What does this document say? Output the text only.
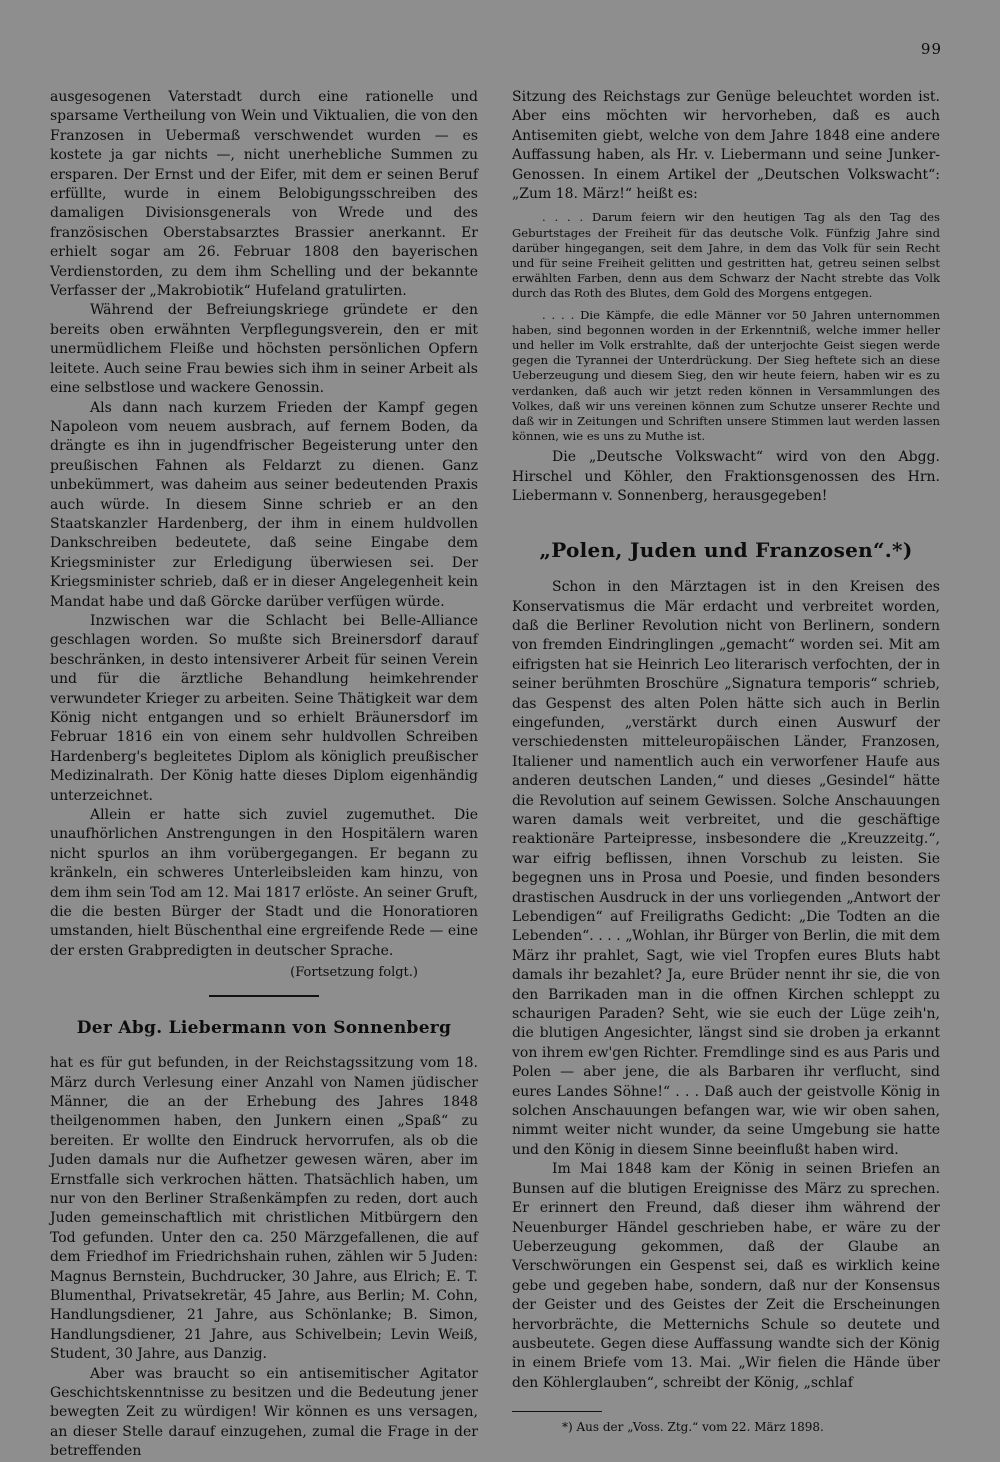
99

ausgesogenen Vaterstadt durch eine rationelle und sparsame Vertheilung von Wein und Viktualien, die von den Franzosen in Uebermaß verschwendet wurden — es kostete ja gar nichts —, nicht unerhebliche Summen zu ersparen. Der Ernst und der Eifer, mit dem er seinen Beruf erfüllte, wurde in einem Belobigungsschreiben des damaligen Divisionsgenerals von Wrede und des französischen Oberstabsarztes Brassier anerkannt. Er erhielt sogar am 26. Februar 1808 den bayerischen Verdienstorden, zu dem ihm Schelling und der bekannte Verfasser der „Makrobiotik“ Hufeland gratulirten.

Während der Befreiungskriege gründete er den bereits oben erwähnten Verpflegungsverein, den er mit unermüdlichem Fleiße und höchsten persönlichen Opfern leitete. Auch seine Frau bewies sich ihm in seiner Arbeit als eine selbstlose und wackere Genossin.

Als dann nach kurzem Frieden der Kampf gegen Napoleon vom neuem ausbrach, auf fernem Boden, da drängte es ihn in jugendfrischer Begeisterung unter den preußischen Fahnen als Feldarzt zu dienen. Ganz unbekümmert, was daheim aus seiner bedeutenden Praxis auch würde. In diesem Sinne schrieb er an den Staatskanzler Hardenberg, der ihm in einem huldvollen Dankschreiben bedeutete, daß seine Eingabe dem Kriegsminister zur Erledigung überwiesen sei. Der Kriegsminister schrieb, daß er in dieser Angelegenheit kein Mandat habe und daß Görcke darüber verfügen würde.

Inzwischen war die Schlacht bei Belle-Alliance geschlagen worden. So mußte sich Breinersdorf darauf beschränken, in desto intensiverer Arbeit für seinen Verein und für die ärztliche Behandlung heimkehrender verwundeter Krieger zu arbeiten. Seine Thätigkeit war dem König nicht entgangen und so erhielt Bräunersdorf im Februar 1816 ein von einem sehr huldvollen Schreiben Hardenberg's begleitetes Diplom als königlich preußischer Medizinalrath. Der König hatte dieses Diplom eigenhändig unterzeichnet.

Allein er hatte sich zuviel zugemuthet. Die unaufhörlichen Anstrengungen in den Hospitälern waren nicht spurlos an ihm vorübergegangen. Er begann zu kränkeln, ein schweres Unterleibsleiden kam hinzu, von dem ihm sein Tod am 12. Mai 1817 erlöste. An seiner Gruft, die die besten Bürger der Stadt und die Honoratioren umstanden, hielt Büschenthal eine ergreifende Rede — eine der ersten Grabpredigten in deutscher Sprache.

(Fortsetzung folgt.)
Der Abg. Liebermann von Sonnenberg

hat es für gut befunden, in der Reichstagssitzung vom 18. März durch Verlesung einer Anzahl von Namen jüdischer Männer, die an der Erhebung des Jahres 1848 theilgenommen haben, den Junkern einen „Spaß“ zu bereiten. Er wollte den Eindruck hervorrufen, als ob die Juden damals nur die Aufhetzer gewesen wären, aber im Ernstfalle sich verkrochen hätten. Thatsächlich haben, um nur von den Berliner Straßenkämpfen zu reden, dort auch Juden gemeinschaftlich mit christlichen Mitbürgern den Tod gefunden. Unter den ca. 250 Märzgefallenen, die auf dem Friedhof im Friedrichshain ruhen, zählen wir 5 Juden: Magnus Bernstein, Buchdrucker, 30 Jahre, aus Elrich; E. T. Blumenthal, Privatsekretär, 45 Jahre, aus Berlin; M. Cohn, Handlungsdiener, 21 Jahre, aus Schönlanke; B. Simon, Handlungsdiener, 21 Jahre, aus Schivelbein; Levin Weiß, Student, 30 Jahre, aus Danzig.

Aber was braucht so ein antisemitischer Agitator Geschichtskenntnisse zu besitzen und die Bedeutung jener bewegten Zeit zu würdigen! Wir können es uns versagen, an dieser Stelle darauf einzugehen, zumal die Frage in der betreffenden

Sitzung des Reichstags zur Genüge beleuchtet worden ist. Aber eins möchten wir hervorheben, daß es auch Antisemiten giebt, welche von dem Jahre 1848 eine andere Auffassung haben, als Hr. v. Liebermann und seine Junker-Genossen. In einem Artikel der „Deutschen Volkswacht“: „Zum 18. März!“ heißt es:

. . . . Darum feiern wir den heutigen Tag als den Tag des Geburtstages der Freiheit für das deutsche Volk. Fünfzig Jahre sind darüber hingegangen, seit dem Jahre, in dem das Volk für sein Recht und für seine Freiheit gelitten und gestritten hat, getreu seinen selbst erwählten Farben, denn aus dem Schwarz der Nacht strebte das Volk durch das Roth des Blutes, dem Gold des Morgens entgegen.

. . . . Die Kämpfe, die edle Männer vor 50 Jahren unternommen haben, sind begonnen worden in der Erkenntniß, welche immer heller und heller im Volk erstrahlte, daß der unterjochte Geist siegen werde gegen die Tyrannei der Unterdrückung. Der Sieg heftete sich an diese Ueberzeugung und diesem Sieg, den wir heute feiern, haben wir es zu verdanken, daß auch wir jetzt reden können in Versammlungen des Volkes, daß wir uns vereinen können zum Schutze unserer Rechte und daß wir in Zeitungen und Schriften unsere Stimmen laut werden lassen können, wie es uns zu Muthe ist.

Die „Deutsche Volkswacht“ wird von den Abgg. Hirschel und Köhler, den Fraktionsgenossen des Hrn. Liebermann v. Sonnenberg, herausgegeben!

„Polen, Juden und Franzosen“.*)

Schon in den Märztagen ist in den Kreisen des Konservatismus die Mär erdacht und verbreitet worden, daß die Berliner Revolution nicht von Berlinern, sondern von fremden Eindringlingen „gemacht“ worden sei. Mit am eifrigsten hat sie Heinrich Leo literarisch verfochten, der in seiner berühmten Broschüre „Signatura temporis“ schrieb, das Gespenst des alten Polen hätte sich auch in Berlin eingefunden, „verstärkt durch einen Auswurf der verschiedensten mitteleuropäischen Länder, Franzosen, Italiener und namentlich auch ein verworfener Haufe aus anderen deutschen Landen,“ und dieses „Gesindel“ hätte die Revolution auf seinem Gewissen. Solche Anschauungen waren damals weit verbreitet, und die geschäftige reaktionäre Parteipresse, insbesondere die „Kreuzzeitg.“, war eifrig beflissen, ihnen Vorschub zu leisten. Sie begegnen uns in Prosa und Poesie, und finden besonders drastischen Ausdruck in der uns vorliegenden „Antwort der Lebendigen“ auf Freiligraths Gedicht: „Die Todten an die Lebenden“. . . . „Wohlan, ihr Bürger von Berlin, die mit dem März ihr prahlet, Sagt, wie viel Tropfen eures Bluts habt damals ihr bezahlet? Ja, eure Brüder nennt ihr sie, die von den Barrikaden man in die offnen Kirchen schleppt zu schaurigen Paraden? Seht, wie sie euch der Lüge zeih'n, die blutigen Angesichter, längst sind sie droben ja erkannt von ihrem ew'gen Richter. Fremdlinge sind es aus Paris und Polen — aber jene, die als Barbaren ihr verflucht, sind eures Landes Söhne!“ . . . Daß auch der geistvolle König in solchen Anschauungen befangen war, wie wir oben sahen, nimmt weiter nicht wunder, da seine Umgebung sie hatte und den König in diesem Sinne beeinflußt haben wird.

Im Mai 1848 kam der König in seinen Briefen an Bunsen auf die blutigen Ereignisse des März zu sprechen. Er erinnert den Freund, daß dieser ihm während der Neuenburger Händel geschrieben habe, er wäre zu der Ueberzeugung gekommen, daß der Glaube an Verschwörungen ein Gespenst sei, daß es wirklich keine gebe und gegeben habe, sondern, daß nur der Konsensus der Geister und des Geistes der Zeit die Erscheinungen hervorbrächte, die Metternichs Schule so deutete und ausbeutete. Gegen diese Auffassung wandte sich der König in einem Briefe vom 13. Mai. „Wir fielen die Hände über den Köhlerglauben“, schreibt der König, „schlaf

*) Aus der „Voss. Ztg.“ vom 22. März 1898.
